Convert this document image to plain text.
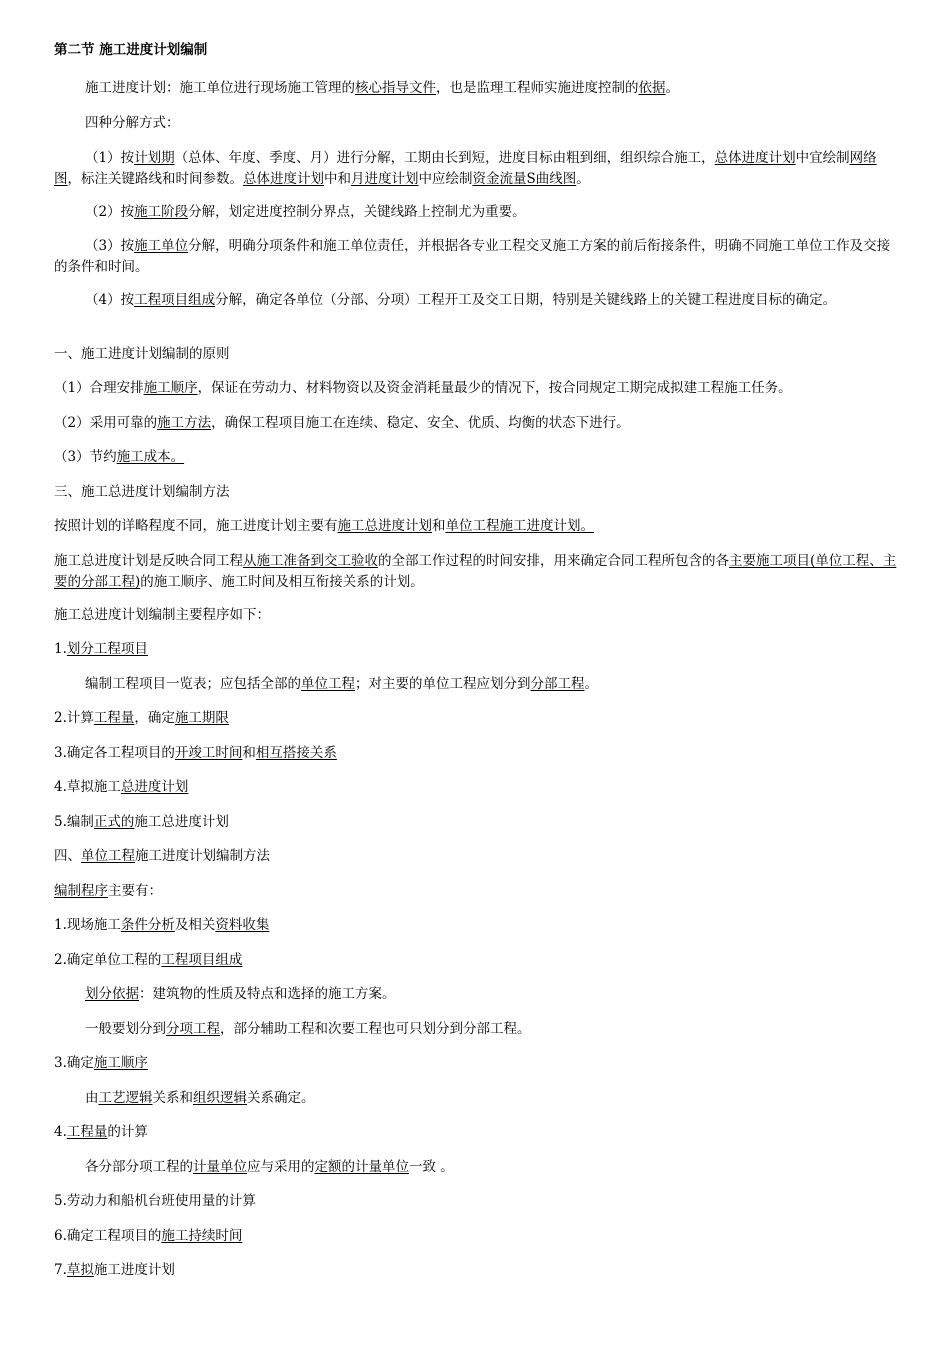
第二节 施工进度计划编制
施工进度计划：施工单位进行现场施工管理的核心指导文件，也是监理工程师实施进度控制的依据。
四种分解方式：
（1）按计划期（总体、年度、季度、月）进行分解，工期由长到短，进度目标由粗到细，组织综合施工，总体进度计划中宜绘制网络图，标注关键路线和时间参数。总体进度计划中和月进度计划中应绘制资金流量S曲线图。
（2）按施工阶段分解，划定进度控制分界点，关键线路上控制尤为重要。
（3）按施工单位分解，明确分项条件和施工单位责任，并根据各专业工程交叉施工方案的前后衔接条件，明确不同施工单位工作及交接的条件和时间。
（4）按工程项目组成分解，确定各单位（分部、分项）工程开工及交工日期，特别是关键线路上的关键工程进度目标的确定。
一、施工进度计划编制的原则
（1）合理安排施工顺序，保证在劳动力、材料物资以及资金消耗量最少的情况下，按合同规定工期完成拟建工程施工任务。
（2）采用可靠的施工方法，确保工程项目施工在连续、稳定、安全、优质、均衡的状态下进行。
（3）节约施工成本。
三、施工总进度计划编制方法
按照计划的详略程度不同，施工进度计划主要有施工总进度计划和单位工程施工进度计划。
施工总进度计划是反映合同工程从施工准备到交工验收的全部工作过程的时间安排，用来确定合同工程所包含的各主要施工项目(单位工程、主要的分部工程)的施工顺序、施工时间及相互衔接关系的计划。
施工总进度计划编制主要程序如下：
1.划分工程项目
编制工程项目一览表；应包括全部的单位工程；对主要的单位工程应划分到分部工程。
2.计算工程量，确定施工期限
3.确定各工程项目的开竣工时间和相互搭接关系
4.草拟施工总进度计划
5.编制正式的施工总进度计划
四、单位工程施工进度计划编制方法
编制程序主要有：
1.现场施工条件分析及相关资料收集
2.确定单位工程的工程项目组成
划分依据：建筑物的性质及特点和选择的施工方案。
一般要划分到分项工程，部分辅助工程和次要工程也可只划分到分部工程。
3.确定施工顺序
由工艺逻辑关系和组织逻辑关系确定。
4.工程量的计算
各分部分项工程的计量单位应与采用的定额的计量单位一致 。
5.劳动力和船机台班使用量的计算
6.确定工程项目的施工持续时间
7.草拟施工进度计划
